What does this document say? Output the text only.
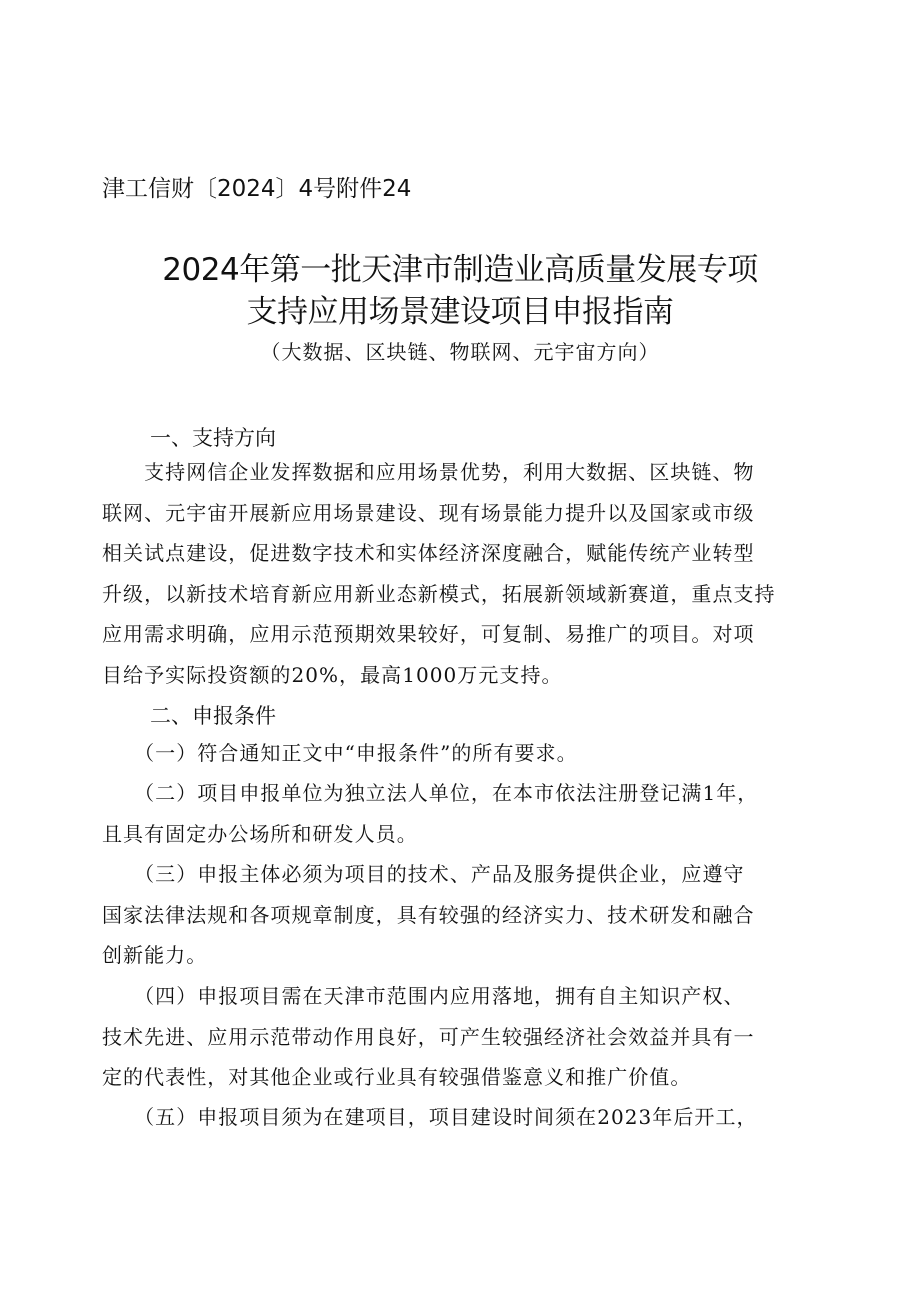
津工信财〔2024〕4号附件24
2024年第一批天津市制造业高质量发展专项
支持应用场景建设项目申报指南
（大数据、区块链、物联网、元宇宙方向）
一、支持方向
　　支持网信企业发挥数据和应用场景优势，利用大数据、区块链、物
联网、元宇宙开展新应用场景建设、现有场景能力提升以及国家或市级
相关试点建设，促进数字技术和实体经济深度融合，赋能传统产业转型
升级，以新技术培育新应用新业态新模式，拓展新领域新赛道，重点支持
应用需求明确，应用示范预期效果较好，可复制、易推广的项目。对项
目给予实际投资额的20%，最高1000万元支持。
二、申报条件
　　（一）符合通知正文中“申报条件”的所有要求。
　　（二）项目申报单位为独立法人单位，在本市依法注册登记满1年，
且具有固定办公场所和研发人员。
　　（三）申报主体必须为项目的技术、产品及服务提供企业，应遵守
国家法律法规和各项规章制度，具有较强的经济实力、技术研发和融合
创新能力。
　　（四）申报项目需在天津市范围内应用落地，拥有自主知识产权、
技术先进、应用示范带动作用良好，可产生较强经济社会效益并具有一
定的代表性，对其他企业或行业具有较强借鉴意义和推广价值。
　　（五）申报项目须为在建项目，项目建设时间须在2023年后开工，
